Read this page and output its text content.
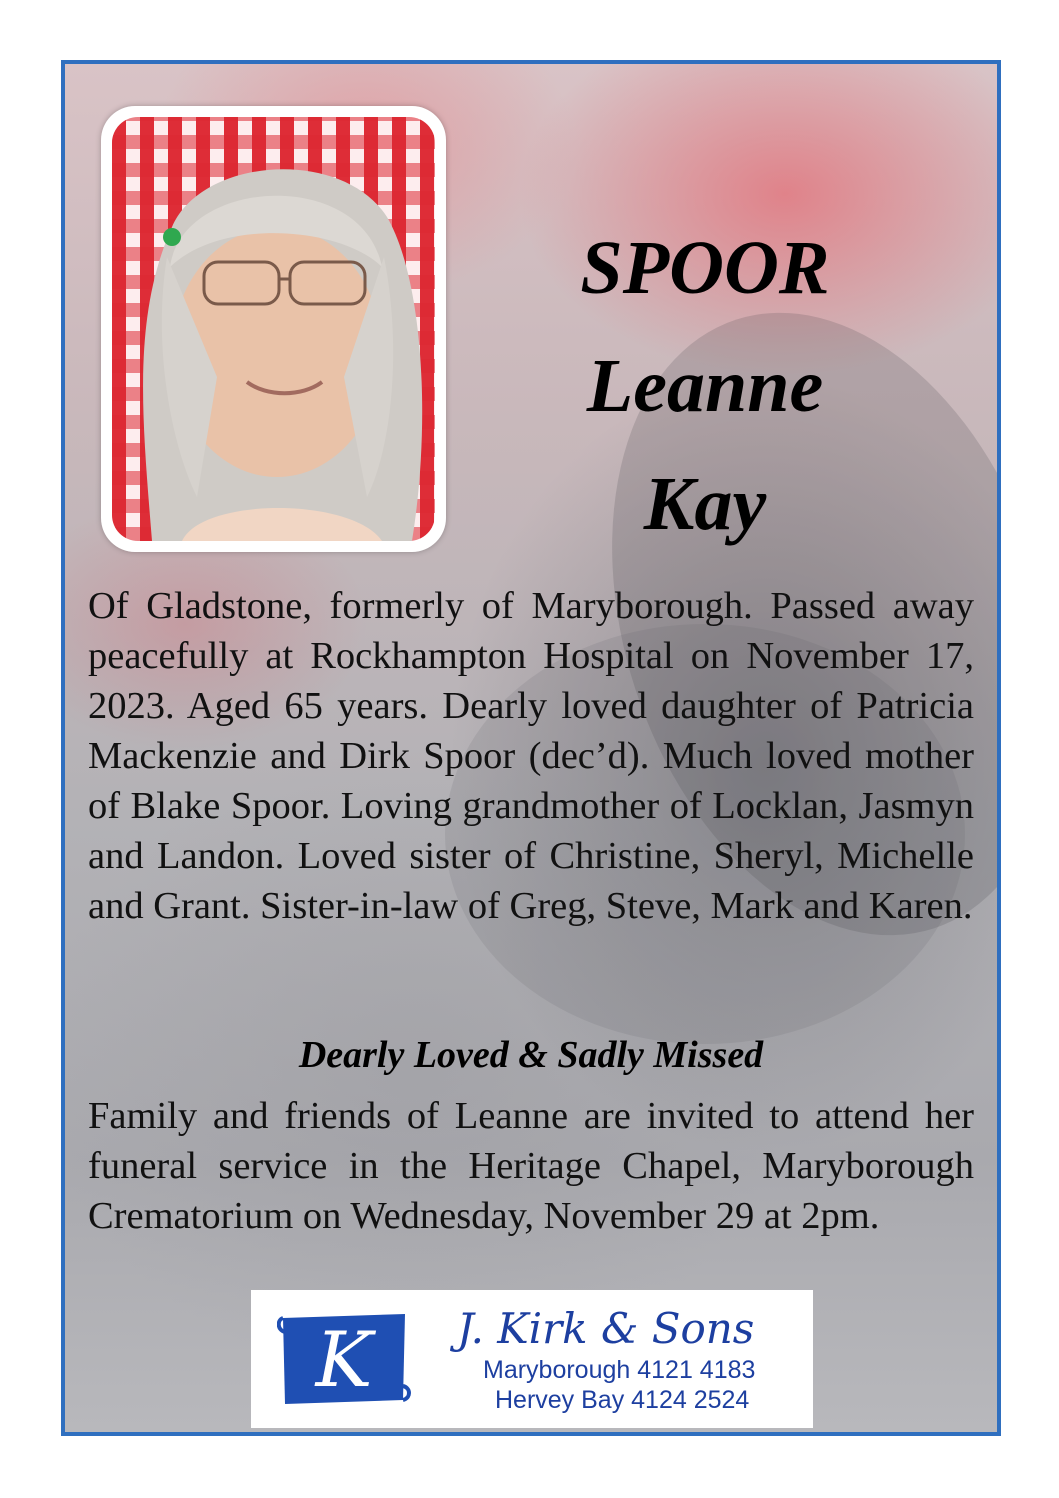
SPOOR
Leanne
Kay
Of Gladstone, formerly of Maryborough. Passed away peacefully at Rockhampton Hospital on November 17, 2023. Aged 65 years. Dearly loved daughter of Patricia Mackenzie and Dirk Spoor (dec’d). Much loved mother of Blake Spoor. Loving grandmother of Locklan, Jasmyn and Landon. Loved sister of Christine, Sheryl, Michelle and Grant. Sister-in-law of Greg, Steve, Mark and Karen.
Dearly Loved & Sadly Missed
Family and friends of Leanne are invited to attend her funeral service in the Heritage Chapel, Maryborough Crematorium on Wednesday, November 29 at 2pm.
K J. Kirk & Sons
Maryborough 4121 4183
Hervey Bay 4124 2524
